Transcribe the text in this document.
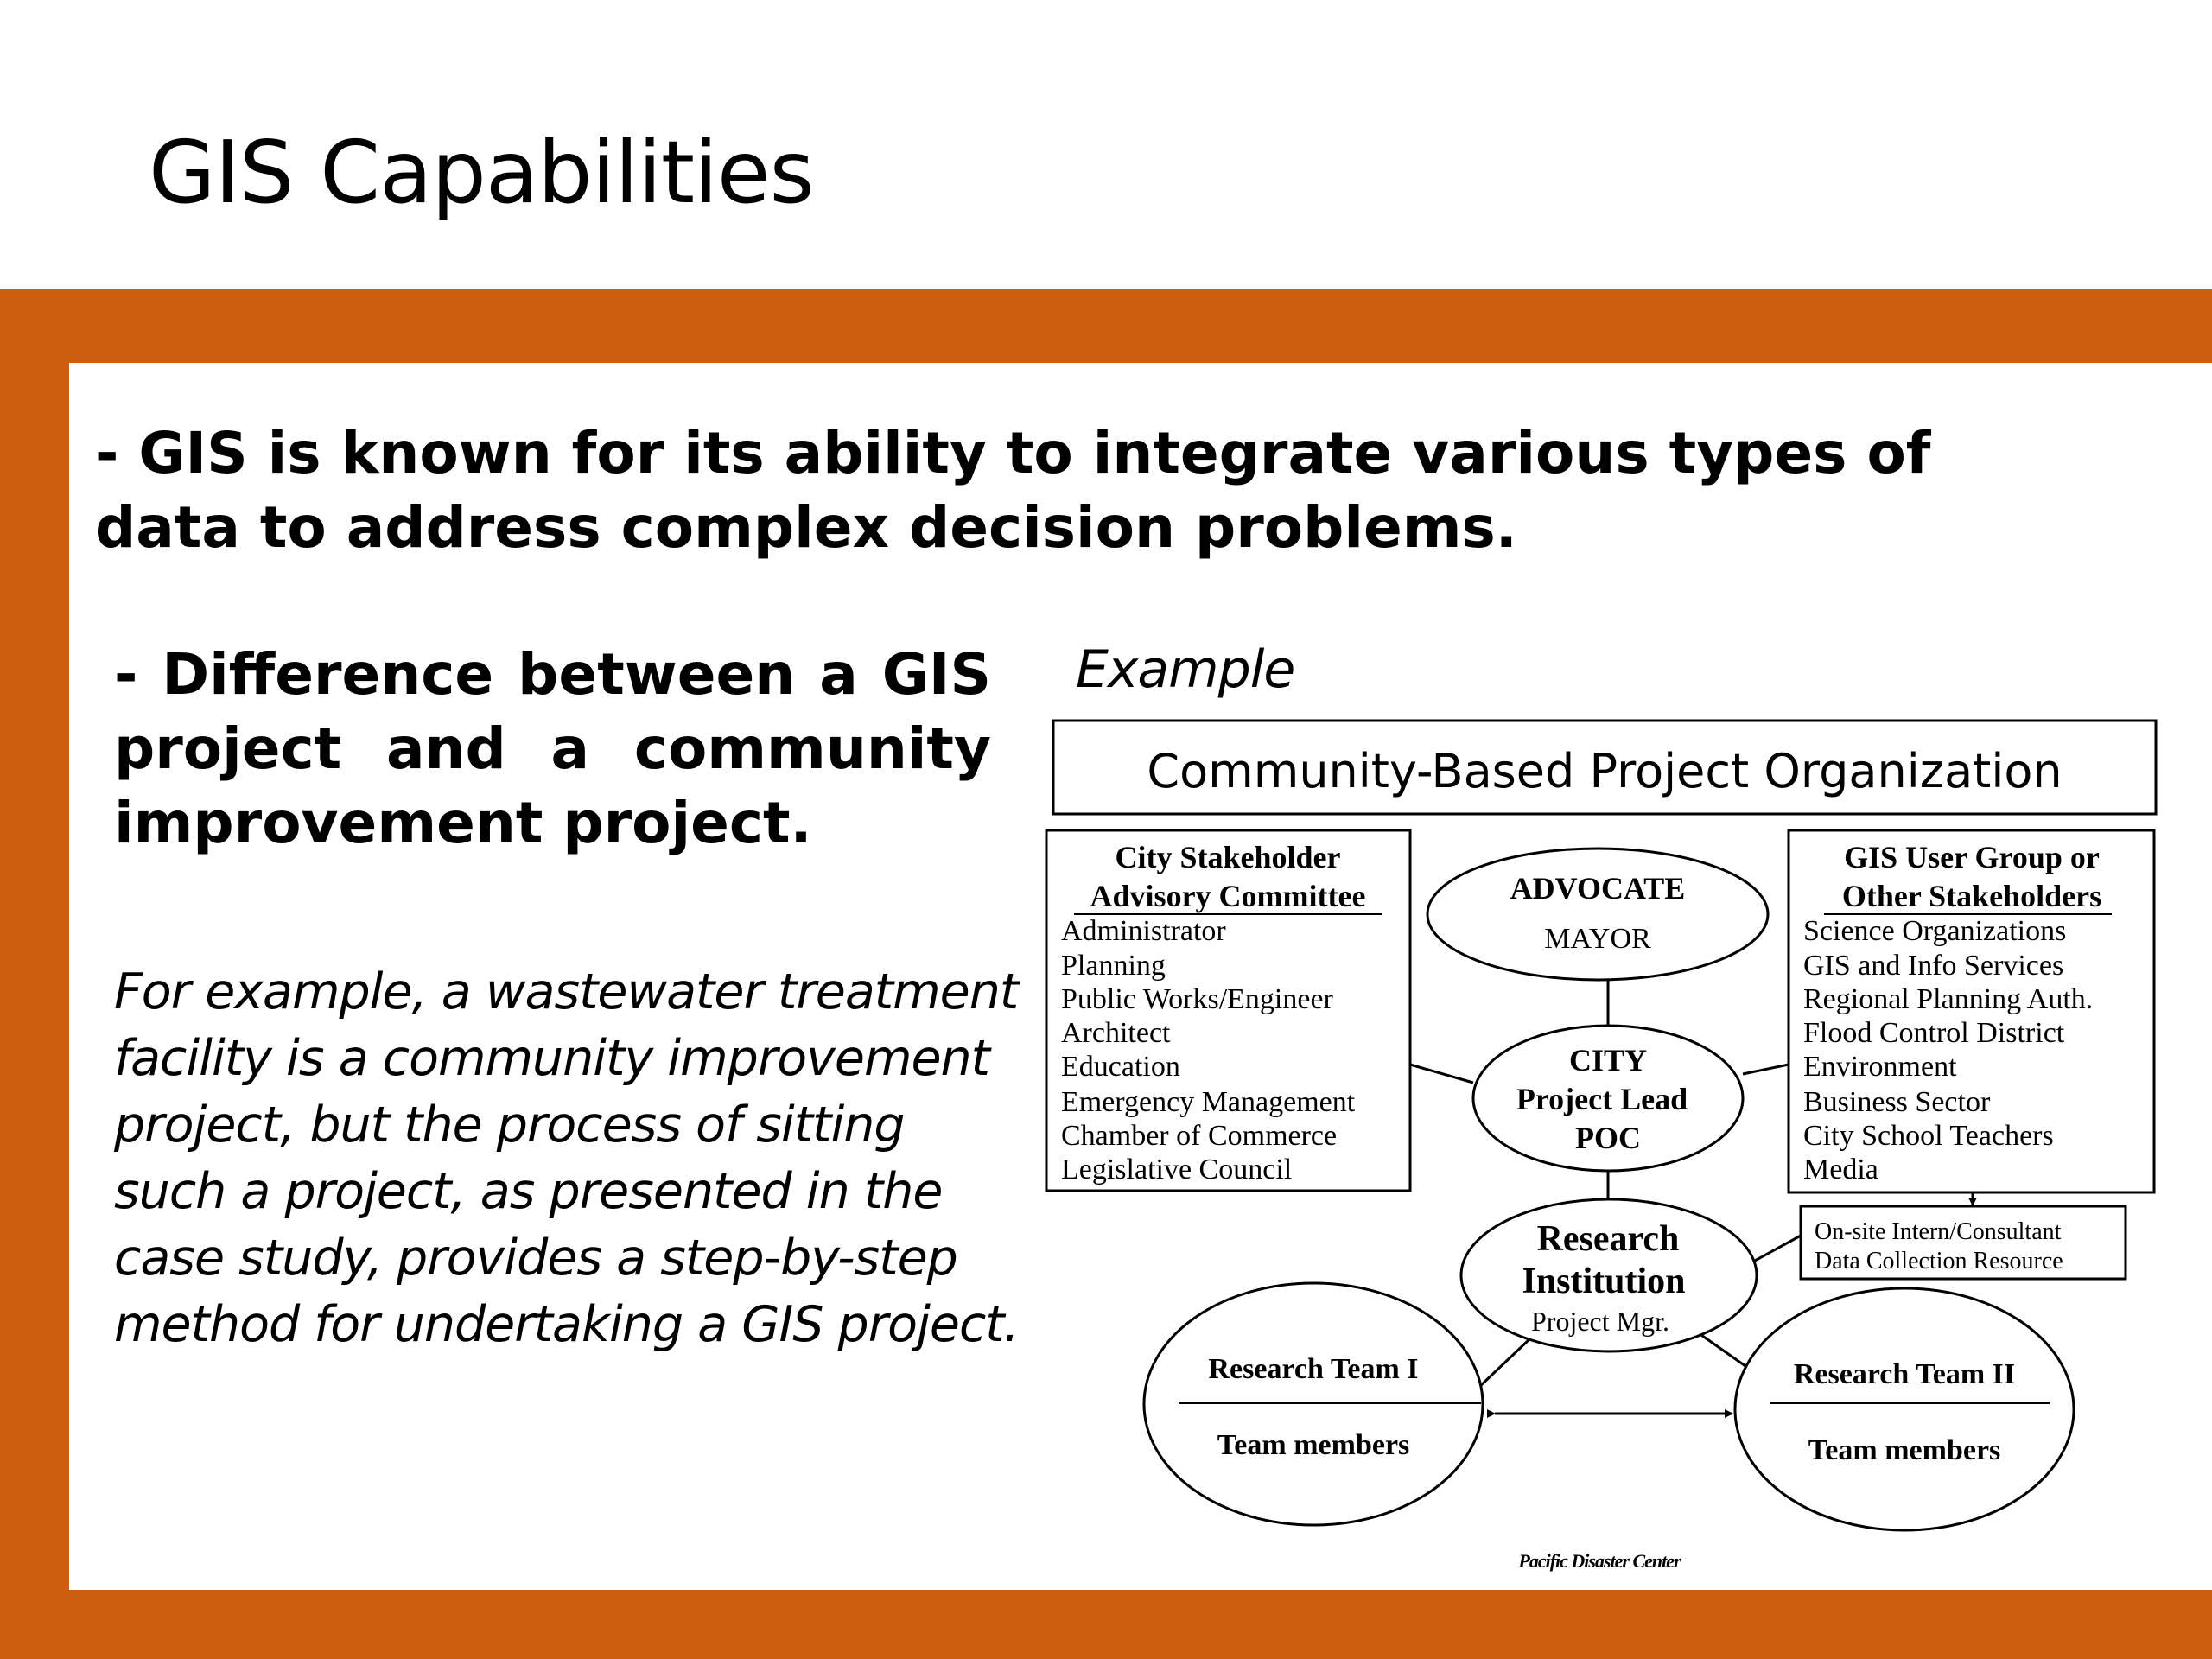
GIS Capabilities

- GIS is known for its ability to integrate various types of data to address complex decision problems.

- Difference between a GIS project and a community improvement project.

For example, a wastewater treatment facility is a community improvement project, but the process of sitting such a project, as presented in the case study, provides a step-by-step method for undertaking a GIS project.

Example

Community-Based Project Organization
City Stakeholder
Advisory Committee
Administrator
Planning
Public Works/Engineer
Architect
Education
Emergency Management
Chamber of Commerce
Legislative Council
ADVOCATE
MAYOR
CITY
Project Lead
POC
GIS User Group or
Other Stakeholders
Science Organizations
GIS and Info Services
Regional Planning Auth.
Flood Control District
Environment
Business Sector
City School Teachers
Media
On-site Intern/Consultant
Data Collection Resource
Research
Institution
Project Mgr.
Research Team I
Team members
Research Team II
Team members
Pacific Disaster Center
